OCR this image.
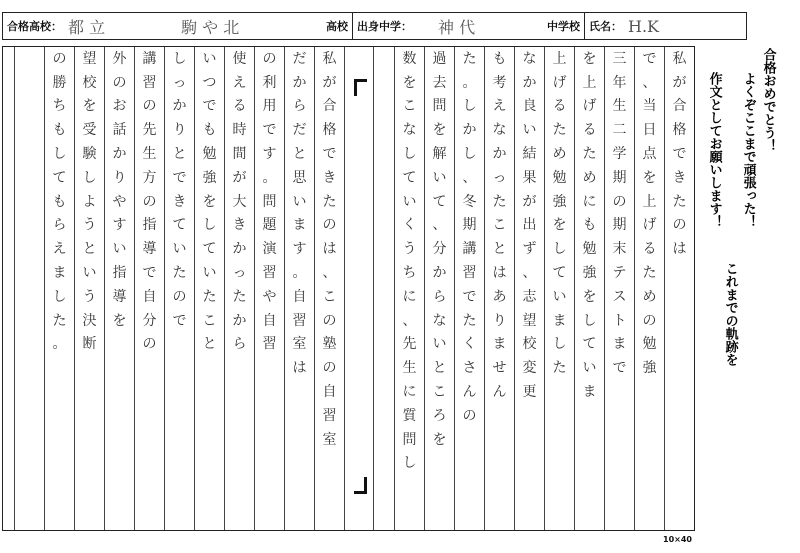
合格高校： 都 立	駒 や 北	高校 出身中学： 神 代	中学校 氏名： H.K
私
が
合
格
で
き
た
の
は
で
、
当
日
点
を
上
げ
る
た
め
の
勉
強
三
年
生
二
学
期
の
期
末
テ
ス
ト
ま
で
を
上
げ
る
た
め
に
も
勉
強
を
し
て
い
ま
上
げ
る
た
め
勉
強
を
し
て
い
ま
し
た
な
か
良
い
結
果
が
出
ず
、
志
望
校
変
更
も
考
え
な
か
っ
た
こ
と
は
あ
り
ま
せ
ん
た
。
し
か
し
、
冬
期
講
習
で
た
く
さ
ん
の
過
去
問
を
解
い
て
、
分
か
ら
な
い
と
こ
ろ
を
数
を
こ
な
し
て
い
く
う
ち
に
、
先
生
に
質
問
し
私
が
合
格
で
き
た
の
は
、
こ
の
塾
の
自
習
室
だ
か
ら
だ
と
思
い
ま
す
。
自
習
室
は
の
利
用
で
す
。
問
題
演
習
や
自
習
使
え
る
時
間
が
大
き
か
っ
た
か
ら
い
つ
で
も
勉
強
を
し
て
い
た
こ
と
し
っ
か
り
と
で
き
て
い
た
の
で
講
習
の
先
生
方
の
指
導
で
自
分
の
外
の
お
話
か
り
や
す
い
指
導
を
望
校
を
受
験
し
よ
う
と
い
う
決
断
の
勝
ち
も
し
て
も
ら
え
ま
し
た
。
合格おめでとう！
よくぞここまで頑張った！
作文としてお願いします！
これまでの軌跡を
10×40
